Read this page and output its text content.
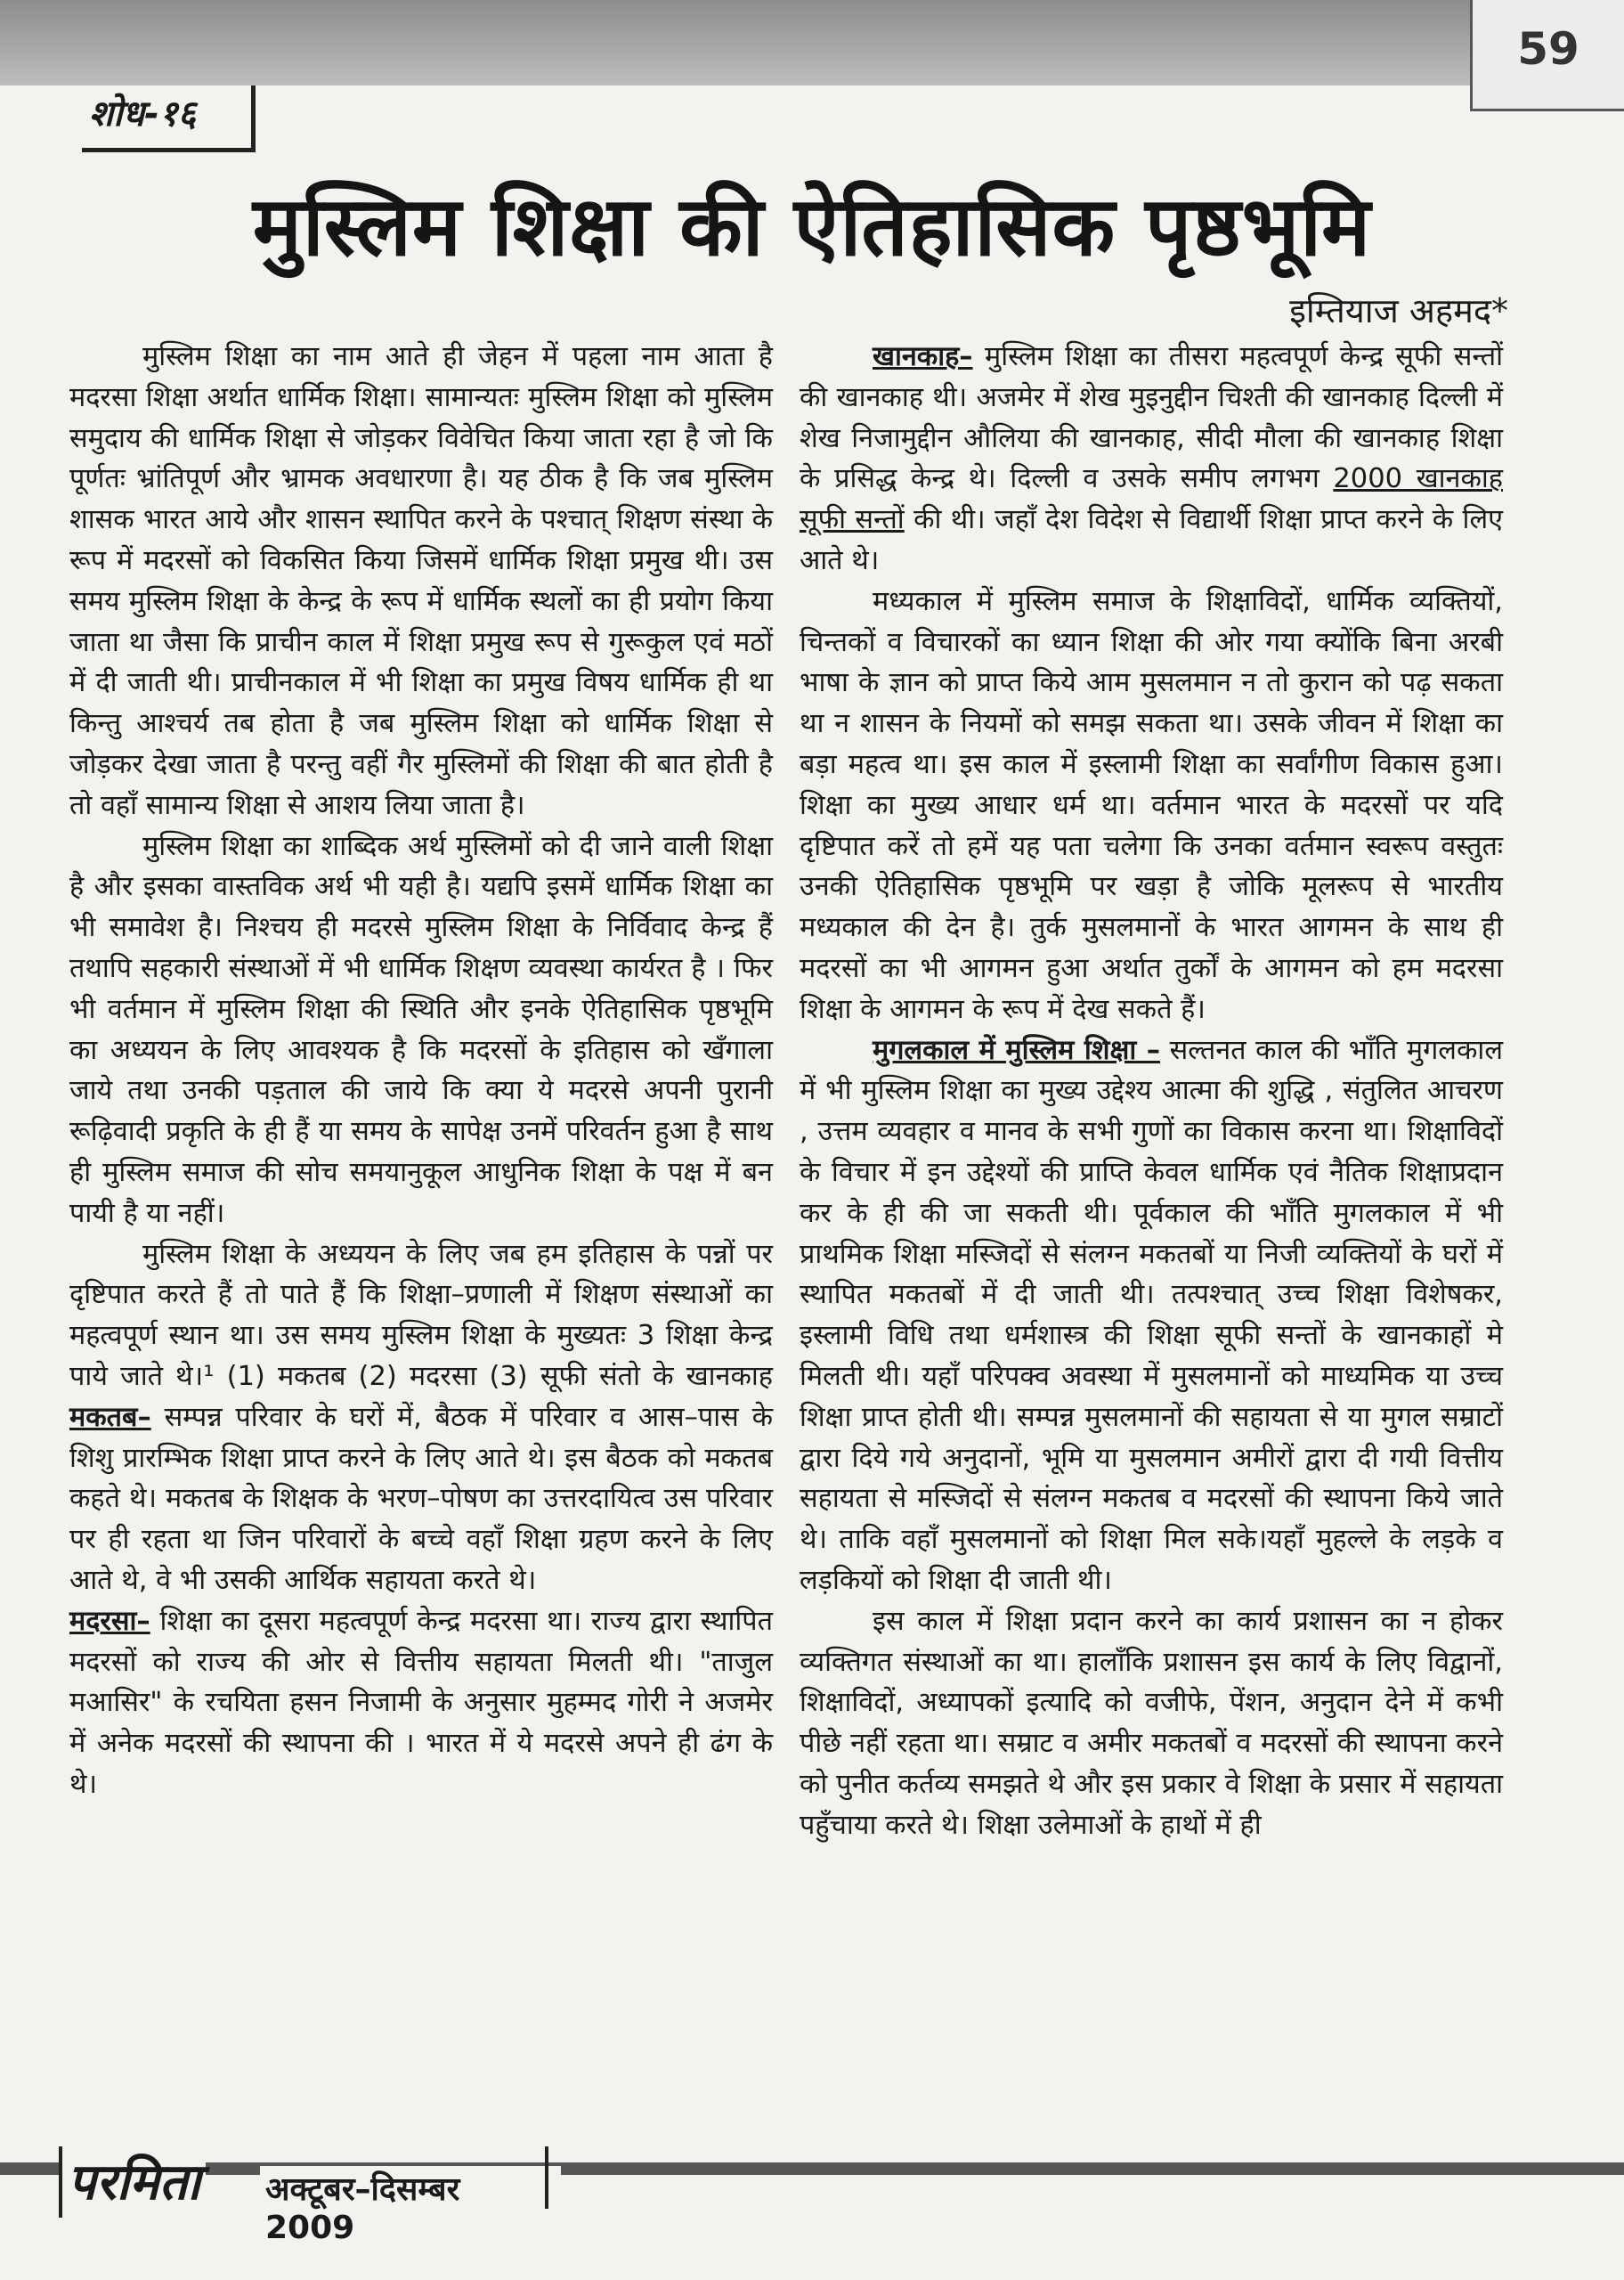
59
शोध-१६
मुस्लिम शिक्षा की ऐतिहासिक पृष्ठभूमि
इम्तियाज अहमद*

मुस्लिम शिक्षा का नाम आते ही जेहन में पहला नाम आता है मदरसा शिक्षा अर्थात धार्मिक शिक्षा। सामान्यतः मुस्लिम शिक्षा को मुस्लिम समुदाय की धार्मिक शिक्षा से जोड़कर विवेचित किया जाता रहा है जो कि पूर्णतः भ्रांतिपूर्ण और भ्रामक अवधारणा है। यह ठीक है कि जब मुस्लिम शासक भारत आये और शासन स्थापित करने के पश्चात् शिक्षण संस्था के रूप में मदरसों को विकसित किया जिसमें धार्मिक शिक्षा प्रमुख थी। उस समय मुस्लिम शिक्षा के केन्द्र के रूप में धार्मिक स्थलों का ही प्रयोग किया जाता था जैसा कि प्राचीन काल में शिक्षा प्रमुख रूप से गुरूकुल एवं मठों में दी जाती थी। प्राचीनकाल में भी शिक्षा का प्रमुख विषय धार्मिक ही था किन्तु आश्चर्य तब होता है जब मुस्लिम शिक्षा को धार्मिक शिक्षा से जोड़कर देखा जाता है परन्तु वहीं गैर मुस्लिमों की शिक्षा की बात होती है तो वहाँ सामान्य शिक्षा से आशय लिया जाता है।

मुस्लिम शिक्षा का शाब्दिक अर्थ मुस्लिमों को दी जाने वाली शिक्षा है और इसका वास्तविक अर्थ भी यही है। यद्यपि इसमें धार्मिक शिक्षा का भी समावेश है। निश्चय ही मदरसे मुस्लिम शिक्षा के निर्विवाद केन्द्र हैं तथापि सहकारी संस्थाओं में भी धार्मिक शिक्षण व्यवस्था कार्यरत है । फिर भी वर्तमान में मुस्लिम शिक्षा की स्थिति और इनके ऐतिहासिक पृष्ठभूमि का अध्ययन के लिए आवश्यक है कि मदरसों के इतिहास को खँगाला जाये तथा उनकी पड़ताल की जाये कि क्या ये मदरसे अपनी पुरानी रूढ़िवादी प्रकृति के ही हैं या समय के सापेक्ष उनमें परिवर्तन हुआ है साथ ही मुस्लिम समाज की सोच समयानुकूल आधुनिक शिक्षा के पक्ष में बन पायी है या नहीं।

मुस्लिम शिक्षा के अध्ययन के लिए जब हम इतिहास के पन्नों पर दृष्टिपात करते हैं तो पाते हैं कि शिक्षा–प्रणाली में शिक्षण संस्थाओं का महत्वपूर्ण स्थान था। उस समय मुस्लिम शिक्षा के मुख्यतः 3 शिक्षा केन्द्र पाये जाते थे।¹ (1) मकतब (2) मदरसा (3) सूफी संतो के खानकाह मकतब– सम्पन्न परिवार के घरों में, बैठक में परिवार व आस–पास के शिशु प्रारम्भिक शिक्षा प्राप्त करने के लिए आते थे। इस बैठक को मकतब कहते थे। मकतब के शिक्षक के भरण–पोषण का उत्तरदायित्व उस परिवार पर ही रहता था जिन परिवारों के बच्चे वहाँ शिक्षा ग्रहण करने के लिए आते थे, वे भी उसकी आर्थिक सहायता करते थे।

मदरसा– शिक्षा का दूसरा महत्वपूर्ण केन्द्र मदरसा था। राज्य द्वारा स्थापित मदरसों को राज्य की ओर से वित्तीय सहायता मिलती थी। "ताजुल मआसिर" के रचयिता हसन निजामी के अनुसार मुहम्मद गोरी ने अजमेर में अनेक मदरसों की स्थापना की । भारत में ये मदरसे अपने ही ढंग के थे।

खानकाह– मुस्लिम शिक्षा का तीसरा महत्वपूर्ण केन्द्र सूफी सन्तों की खानकाह थी। अजमेर में शेख मुइनुद्दीन चिश्ती की खानकाह दिल्ली में शेख निजामुद्दीन औलिया की खानकाह, सीदी मौला की खानकाह शिक्षा के प्रसिद्ध केन्द्र थे। दिल्ली व उसके समीप लगभग 2000 खानकाह सूफी सन्तों की थी। जहाँ देश विदेश से विद्यार्थी शिक्षा प्राप्त करने के लिए आते थे।

मध्यकाल में मुस्लिम समाज के शिक्षाविदों, धार्मिक व्यक्तियों, चिन्तकों व विचारकों का ध्यान शिक्षा की ओर गया क्योंकि बिना अरबी भाषा के ज्ञान को प्राप्त किये आम मुसलमान न तो कुरान को पढ़ सकता था न शासन के नियमों को समझ सकता था। उसके जीवन में शिक्षा का बड़ा महत्व था। इस काल में इस्लामी शिक्षा का सर्वांगीण विकास हुआ। शिक्षा का मुख्य आधार धर्म था। वर्तमान भारत के मदरसों पर यदि दृष्टिपात करें तो हमें यह पता चलेगा कि उनका वर्तमान स्वरूप वस्तुतः उनकी ऐतिहासिक पृष्ठभूमि पर खड़ा है जोकि मूलरूप से भारतीय मध्यकाल की देन है। तुर्क मुसलमानों के भारत आगमन के साथ ही मदरसों का भी आगमन हुआ अर्थात तुर्कों के आगमन को हम मदरसा शिक्षा के आगमन के रूप में देख सकते हैं।

मुगलकाल में मुस्लिम शिक्षा – सल्तनत काल की भाँति मुगलकाल में भी मुस्लिम शिक्षा का मुख्य उद्देश्य आत्मा की शुद्धि , संतुलित आचरण , उत्तम व्यवहार व मानव के सभी गुणों का विकास करना था। शिक्षाविदों के विचार में इन उद्देश्यों की प्राप्ति केवल धार्मिक एवं नैतिक शिक्षाप्रदान कर के ही की जा सकती थी। पूर्वकाल की भाँति मुगलकाल में भी प्राथमिक शिक्षा मस्जिदों से संलग्न मकतबों या निजी व्यक्तियों के घरों में स्थापित मकतबों में दी जाती थी। तत्पश्चात् उच्च शिक्षा विशेषकर, इस्लामी विधि तथा धर्मशास्त्र की शिक्षा सूफी सन्तों के खानकाहों मे मिलती थी। यहाँ परिपक्व अवस्था में मुसलमानों को माध्यमिक या उच्च शिक्षा प्राप्त होती थी। सम्पन्न मुसलमानों की सहायता से या मुगल सम्राटों द्वारा दिये गये अनुदानों, भूमि या मुसलमान अमीरों द्वारा दी गयी वित्तीय सहायता से मस्जिदों से संलग्न मकतब व मदरसों की स्थापना किये जाते थे। ताकि वहाँ मुसलमानों को शिक्षा मिल सके।यहाँ मुहल्ले के लड़के व लड़कियों को शिक्षा दी जाती थी।

इस काल में शिक्षा प्रदान करने का कार्य प्रशासन का न होकर व्यक्तिगत संस्थाओं का था। हालाँकि प्रशासन इस कार्य के लिए विद्वानों, शिक्षाविदों, अध्यापकों इत्यादि को वजीफे, पेंशन, अनुदान देने में कभी पीछे नहीं रहता था। सम्राट व अमीर मकतबों व मदरसों की स्थापना करने को पुनीत कर्तव्य समझते थे और इस प्रकार वे शिक्षा के प्रसार में सहायता पहुँचाया करते थे। शिक्षा उलेमाओं के हाथों में ही

परमिता अक्टूबर–दिसम्बर 2009
